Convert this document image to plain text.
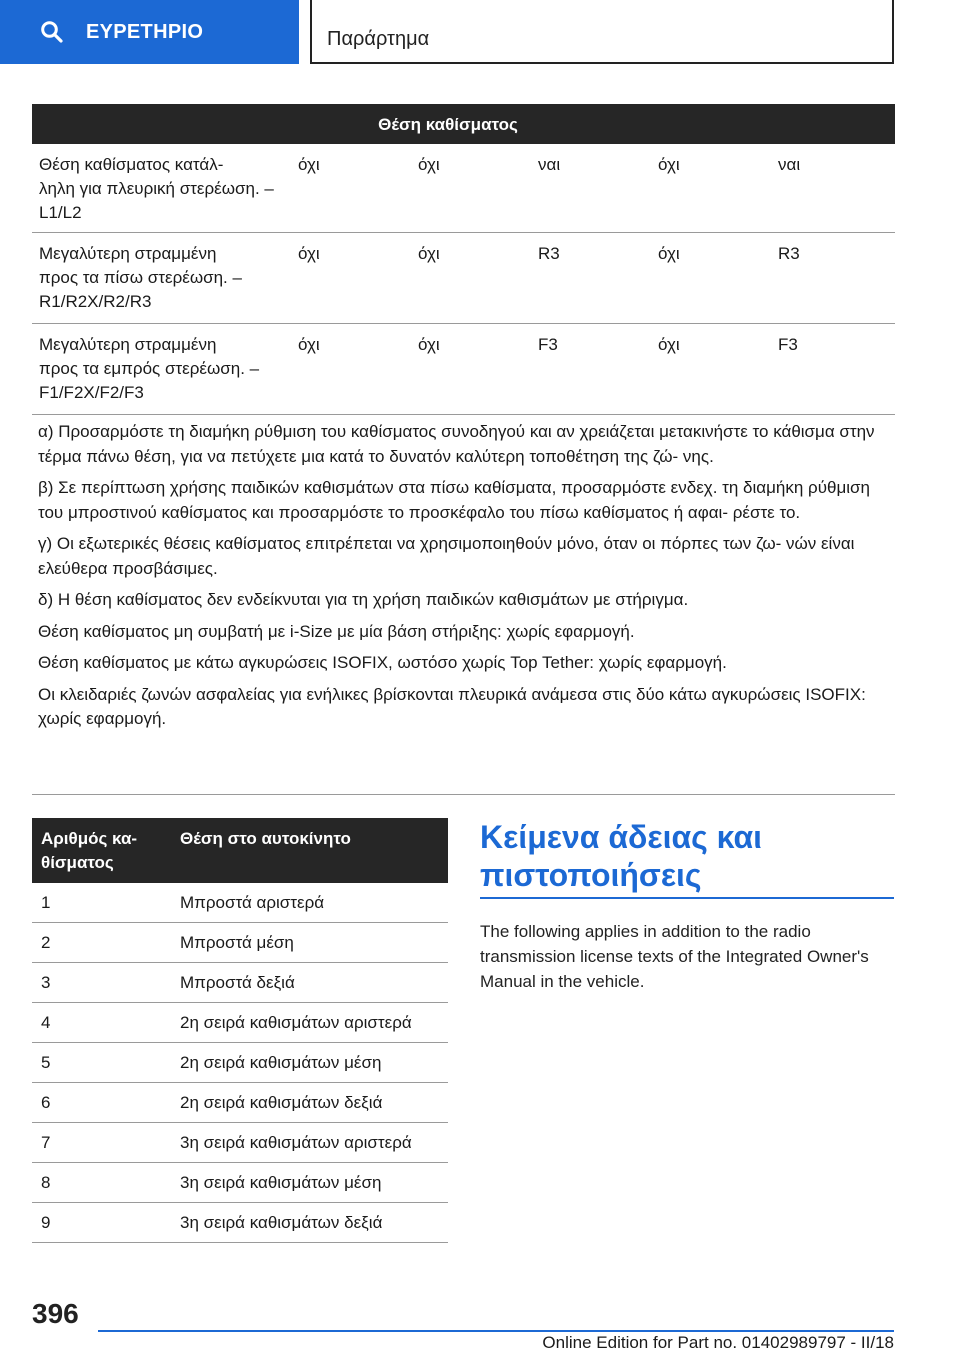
ΕΥΡΕΤΗΡΙΟ	Παράρτημα
Θέση καθίσματος
Θέση καθίσματος κατάλ-
ληλη για πλευρική στερέωση. – L1/L2
όχι	όχι	ναι	όχι	ναι
Μεγαλύτερη στραμμένη
προς τα πίσω στερέωση. –
R1/R2X/R2/R3
όχι	όχι	R3	όχι	R3
Μεγαλύτερη στραμμένη
προς τα εμπρός στερέωση. –
F1/F2X/F2/F3
όχι	όχι	F3	όχι	F3

α) Προσαρμόστε τη διαμήκη ρύθμιση του καθίσματος συνοδηγού και αν χρειάζεται μετακινήστε το κάθισμα στην τέρμα πάνω θέση, για να πετύχετε μια κατά το δυνατόν καλύτερη τοποθέτηση της ζώ‐ νης.

β) Σε περίπτωση χρήσης παιδικών καθισμάτων στα πίσω καθίσματα, προσαρμόστε ενδεχ. τη διαμήκη ρύθμιση του μπροστινού καθίσματος και προσαρμόστε το προσκέφαλο του πίσω καθίσματος ή αφαι‐ ρέστε το.

γ) Οι εξωτερικές θέσεις καθίσματος επιτρέπεται να χρησιμοποιηθούν μόνο, όταν οι πόρπες των ζω‐ νών είναι ελεύθερα προσβάσιμες.

δ) Η θέση καθίσματος δεν ενδείκνυται για τη χρήση παιδικών καθισμάτων με στήριγμα.

Θέση καθίσματος μη συμβατή με i-Size με μία βάση στήριξης: χωρίς εφαρμογή.

Θέση καθίσματος με κάτω αγκυρώσεις ISOFIX, ωστόσο χωρίς Top Tether: χωρίς εφαρμογή.

Οι κλειδαριές ζωνών ασφαλείας για ενήλικες βρίσκονται πλευρικά ανάμεσα στις δύο κάτω αγκυρώσεις ISOFIX: χωρίς εφαρμογή.

Αριθμός κα‐ θίσματος
Θέση στο αυτοκίνητο
1	Μπροστά αριστερά
2	Μπροστά μέση
3	Μπροστά δεξιά
4	2η σειρά καθισμάτων αριστερά
5	2η σειρά καθισμάτων μέση
6	2η σειρά καθισμάτων δεξιά
7	3η σειρά καθισμάτων αριστερά
8	3η σειρά καθισμάτων μέση
9	3η σειρά καθισμάτων δεξιά
Κείμενα άδειας και πιστοποιήσεις
The following applies in addition to the radio transmission license texts of the Integrated Owner's Manual in the vehicle.
396
Online Edition for Part no. 01402989797 - II/18
